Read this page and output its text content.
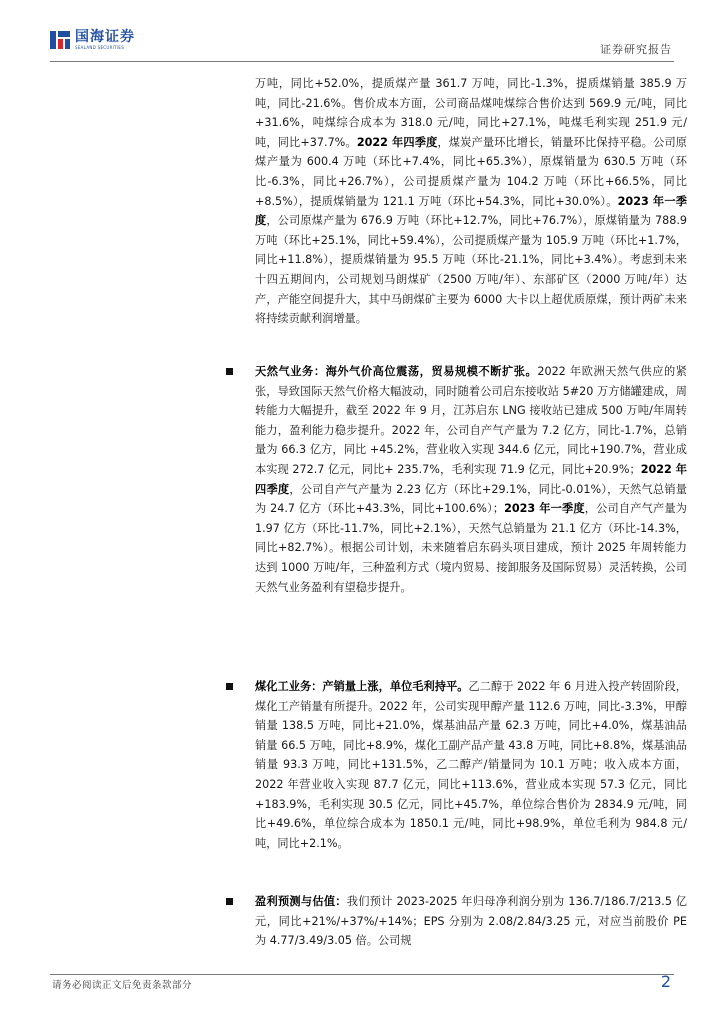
国海证券
SEALAND SECURITIES	证券研究报告

万吨，同比+52.0%，提质煤产量 361.7 万吨，同比-1.3%，提质煤销量 385.9 万吨，同比-21.6%。售价成本方面，公司商品煤吨煤综合售价达到 569.9 元/吨，同比+31.6%，吨煤综合成本为 318.0 元/吨，同比+27.1%，吨煤毛利实现 251.9 元/吨，同比+37.7%。2022 年四季度，煤炭产量环比增长，销量环比保持平稳。公司原煤产量为 600.4 万吨（环比+7.4%，同比+65.3%），原煤销量为 630.5 万吨（环比-6.3%，同比+26.7%），公司提质煤产量为 104.2 万吨（环比+66.5%，同比+8.5%），提质煤销量为 121.1 万吨（环比+54.3%，同比+30.0%）。2023 年一季度，公司原煤产量为 676.9 万吨（环比+12.7%，同比+76.7%），原煤销量为 788.9 万吨（环比+25.1%，同比+59.4%），公司提质煤产量为 105.9 万吨（环比+1.7%，同比+11.8%），提质煤销量为 95.5 万吨（环比-21.1%，同比+3.4%）。考虑到未来十四五期间内，公司规划马朗煤矿（2500 万吨/年）、东部矿区（2000 万吨/年）达产，产能空间提升大，其中马朗煤矿主要为 6000 大卡以上超优质原煤，预计两矿未来将持续贡献利润增量。

天然气业务：海外气价高位震荡，贸易规模不断扩张。2022 年欧洲天然气供应的紧张，导致国际天然气价格大幅波动，同时随着公司启东接收站 5#20 万方储罐建成，周转能力大幅提升，截至 2022 年 9 月，江苏启东 LNG 接收站已建成 500 万吨/年周转能力，盈利能力稳步提升。2022 年，公司自产气产量为 7.2 亿方，同比-1.7%，总销量为 66.3 亿方，同比 +45.2%，营业收入实现 344.6 亿元，同比+190.7%，营业成本实现 272.7 亿元，同比+ 235.7%，毛利实现 71.9 亿元，同比+20.9%；2022 年四季度，公司自产气产量为 2.23 亿方（环比+29.1%，同比-0.01%），天然气总销量为 24.7 亿方（环比+43.3%，同比+100.6%）；2023 年一季度，公司自产气产量为 1.97 亿方（环比-11.7%，同比+2.1%），天然气总销量为 21.1 亿方（环比-14.3%，同比+82.7%）。根据公司计划，未来随着启东码头项目建成，预计 2025 年周转能力达到 1000 万吨/年，三种盈利方式（境内贸易、接卸服务及国际贸易）灵活转换，公司天然气业务盈利有望稳步提升。

煤化工业务：产销量上涨，单位毛利持平。乙二醇于 2022 年 6 月进入投产转固阶段，煤化工产销量有所提升。2022 年，公司实现甲醇产量 112.6 万吨，同比-3.3%，甲醇销量 138.5 万吨，同比+21.0%，煤基油品产量 62.3 万吨，同比+4.0%，煤基油品销量 66.5 万吨，同比+8.9%，煤化工副产品产量 43.8 万吨，同比+8.8%，煤基油品销量 93.3 万吨，同比+131.5%，乙二醇产/销量同为 10.1 万吨；收入成本方面，2022 年营业收入实现 87.7 亿元，同比+113.6%，营业成本实现 57.3 亿元，同比+183.9%，毛利实现 30.5 亿元，同比+45.7%，单位综合售价为 2834.9 元/吨，同比+49.6%，单位综合成本为 1850.1 元/吨，同比+98.9%，单位毛利为 984.8 元/吨，同比+2.1%。

盈利预测与估值：我们预计 2023-2025 年归母净利润分别为 136.7/186.7/213.5 亿元，同比+21%/+37%/+14%；EPS 分别为 2.08/2.84/3.25 元，对应当前股价 PE 为 4.77/3.49/3.05 倍。公司规

请务必阅读正文后免责条款部分	2
